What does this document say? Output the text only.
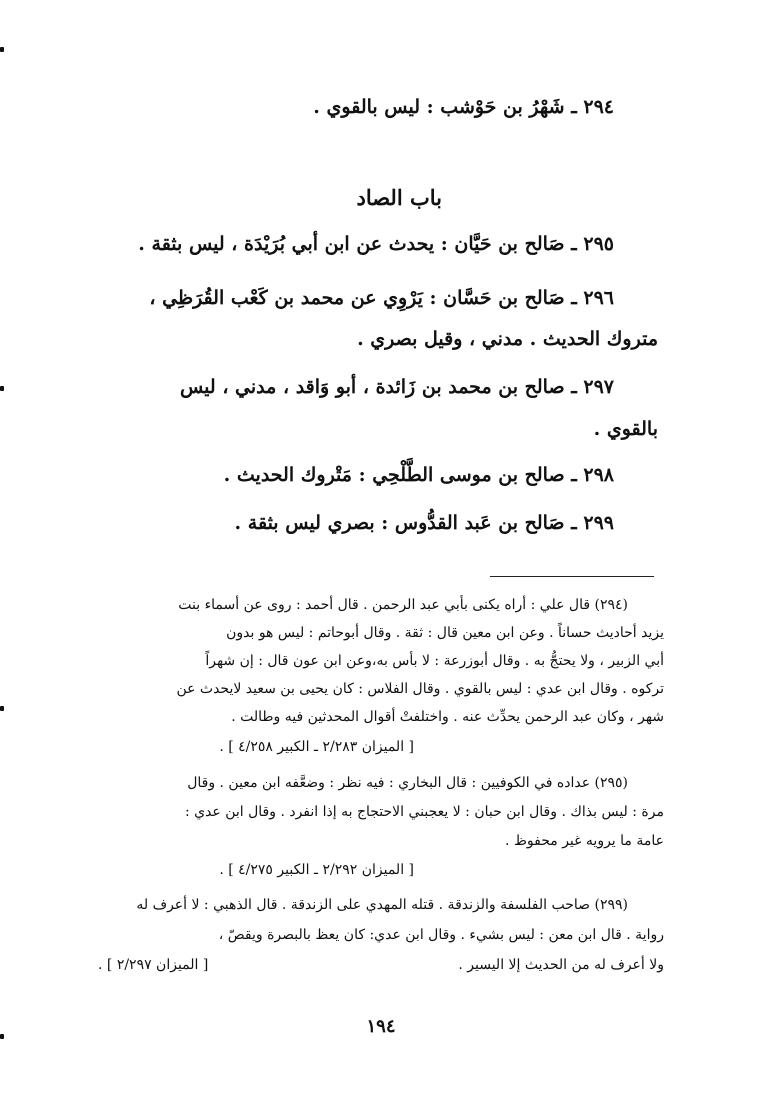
٢٩٤ ـ شَهْرُ بن حَوْشب : ليس بالقوي .

باب الصاد

٢٩٥ ـ صَالح بن حَيَّان : يحدث عن ابن أبي بُرَيْدَة ، ليس بثقة .

٢٩٦ ـ صَالح بن حَسَّان : يَرْوِي عن محمد بن كَعْب القُرَظِي ،

متروك الحديث . مدني ، وقيل بصري .

٢٩٧ ـ صالح بن محمد بن زَائدة ، أبو وَاقد ، مدني ، ليس

بالقوي .

٢٩٨ ـ صالح بن موسى الطَّلْحِي : مَتْروك الحديث .

٢٩٩ ـ صَالح بن عَبد القدُّوس : بصري ليس بثقة .

(٢٩٤) قال علي : أراه يكنى بأبي عبد الرحمن . قال أحمد : روى عن أسماء بنت

يزيد أحاديث حساناً . وعن ابن معين قال : ثقة . وقال أبوحاتم : ليس هو بدون

أبي الزبير ، ولا يحتجُّ به . وقال أبوزرعة : لا بأس به،وعن ابن عون قال : إن شهراً

تركوه . وقال ابن عدي : ليس بالقوي . وقال الفلاس : كان يحيى بن سعيد لايحدث عن

شهر ، وكان عبد الرحمن يحدِّث عنه . واختلفتْ أقوال المحدثين فيه وطالت .

[ الميزان ٢/٢٨٣ ـ الكبير ٤/٢٥٨ ] .

(٢٩٥) عداده في الكوفيين : قال البخاري : فيه نظر : وضعَّفه ابن معين . وقال

مرة : ليس بذاك . وقال ابن حبان : لا يعجبني الاحتجاج به إذا انفرد . وقال ابن عدي :

عامة ما يرويه غير محفوظ .

[ الميزان ٢/٢٩٢ ـ الكبير ٤/٢٧٥ ] .

(٢٩٩) صاحب الفلسفة والزندقة . قتله المهدي على الزندقة . قال الذهبي : لا أعرف له

رواية . قال ابن معن : ليس بشيء . وقال ابن عدي: كان يعظ بالبصرة ويقصّ ،

ولا أعرف له من الحديث إلا اليسير .

[ الميزان ٢/٢٩٧ ] .

١٩٤
